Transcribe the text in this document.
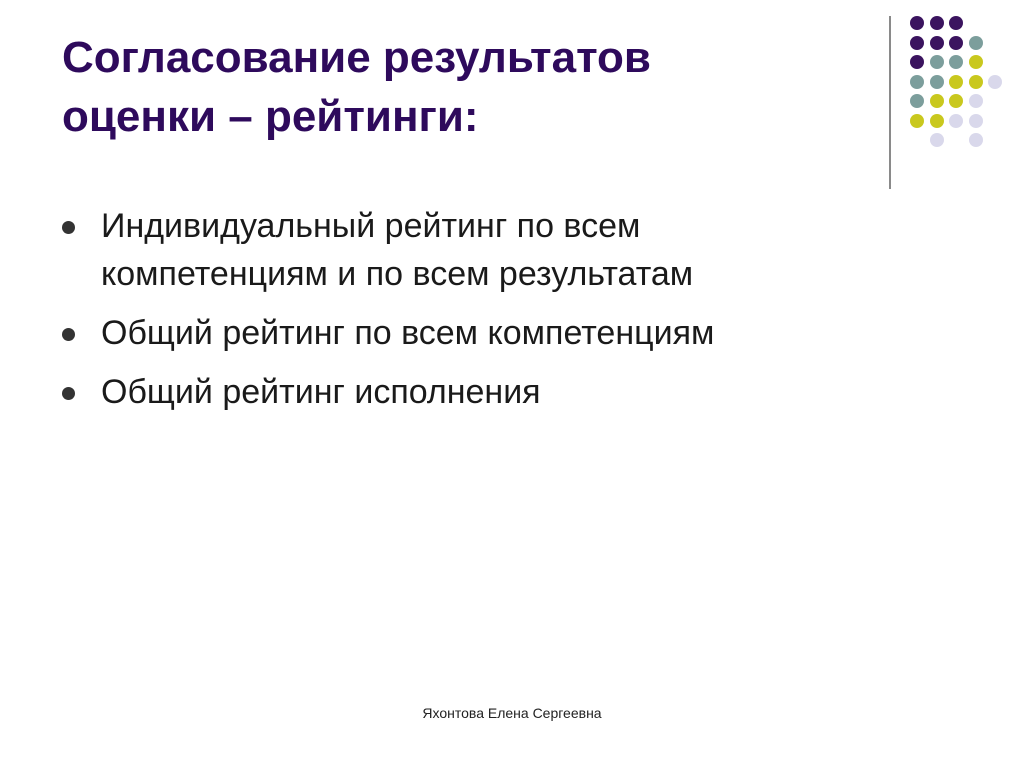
Согласование результатов
оценки – рейтинги:
Индивидуальный рейтинг по всем
компетенциям и по всем результатам
Общий рейтинг по всем компетенциям
Общий рейтинг исполнения
Яхонтова Елена Сергеевна
